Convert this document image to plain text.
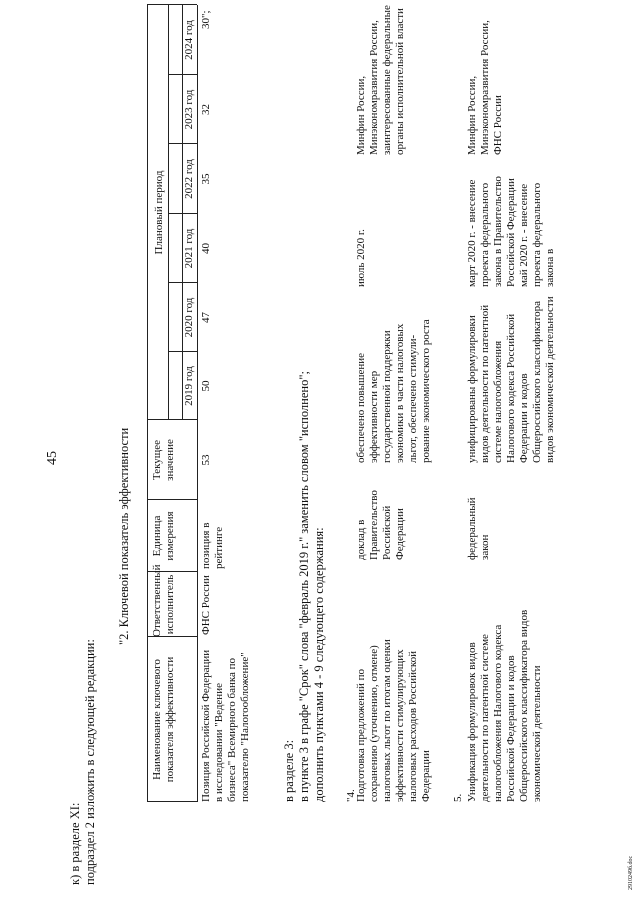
45
к) в разделе XI: подраздел 2 изложить в следующей редакции:
"2. Ключевой показатель эффективности
Наименование ключевого показателя эффективности
Ответственный исполнитель
Единица измерения
Текущее значение
Плановый период
2019 год
2020 год
2021 год
2022 год
2023 год
2024 год
Позиция Российской Федерации в исследовании "Ведение бизнеса" Всемирного банка по показателю "Налогообложение"
ФНС России
позиция в рейтинге
53
50
47
40
35
32
30";
в разделе 3: в пункте 3 в графе "Срок" слова "февраль 2019 г." заменить словом "исполнено"; дополнить пунктами 4 - 9 следующего содержания: "4.
Подготовка предложений по сохранению (уточнению, отмене) налоговых льгот по итогам оценки эффективности стимулирующих налоговых расходов Российской Федерации
доклад в Правительство Российской Федерации
обеспечено повышение эффективности мер государственной поддержки экономики в части налоговых льгот, обеспечено стимули-рование экономического роста
июль 2020 г.
Минфин России, Минэкономразвития России, заинтересованные федеральные органы исполнительной власти
5. Унификация формулировок видов деятельности по патентной системе налогообложения Налогового кодекса Российской Федерации и кодов Общероссийского классификатора видов экономической деятельности
федеральный закон
унифицированы формулировки видов деятельности по патентной системе налогообложения Налогового кодекса Российской Федерации и кодов Общероссийского классификатора видов экономической деятельности
март 2020 г. - внесение проекта федерального закона в Правительство Российской Федерации май 2020 г. - внесение проекта федерального закона в
Минфин России, Минэкономразвития России, ФНС России
2910249б.doc
